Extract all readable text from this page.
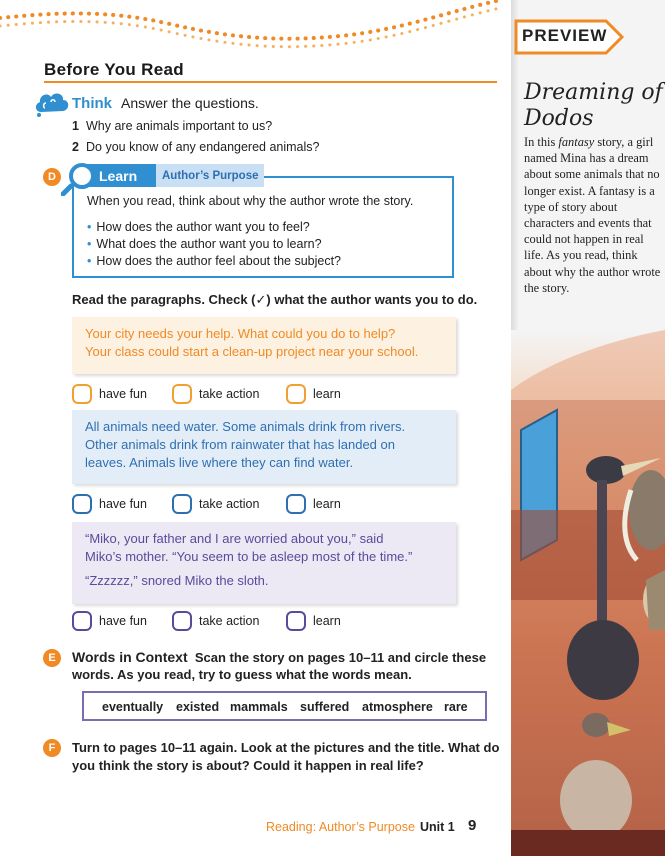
PREVIEW
Dreaming of Dodos
In this fantasy story, a girl named Mina has a dream about some animals that no longer exist. A fantasy is a type of story about characters and events that could not happen in real life. As you read, think about why the author wrote the story.
Before You Read
Think Answer the questions.
1 Why are animals important to us?
2 Do you know of any endangered animals?
D	Learn Author’s Purpose
When you read, think about why the author wrote the story.
• How does the author want you to feel?
• What does the author want you to learn?
• How does the author feel about the subject?
Read the paragraphs. Check (✓) what the author wants you to do.
Your city needs your help. What could you do to help?
Your class could start a clean-up project near your school.
have fun	take action	learn
All animals need water. Some animals drink from rivers.
Other animals drink from rainwater that has landed on
leaves. Animals live where they can find water.
have fun	take action	learn
“Miko, your father and I are worried about you,” said
Miko’s mother. “You seem to be asleep most of the time.”
“Zzzzzz,” snored Miko the sloth.
have fun	take action	learn
E	Words in Context Scan the story on pages 10–11 and circle these words. As you read, try to guess what the words mean.
eventually existed mammals suffered atmosphere rare
F	Turn to pages 10–11 again. Look at the pictures and the title. What do you think the story is about? Could it happen in real life?
Reading: Author’s Purpose Unit 1 9
